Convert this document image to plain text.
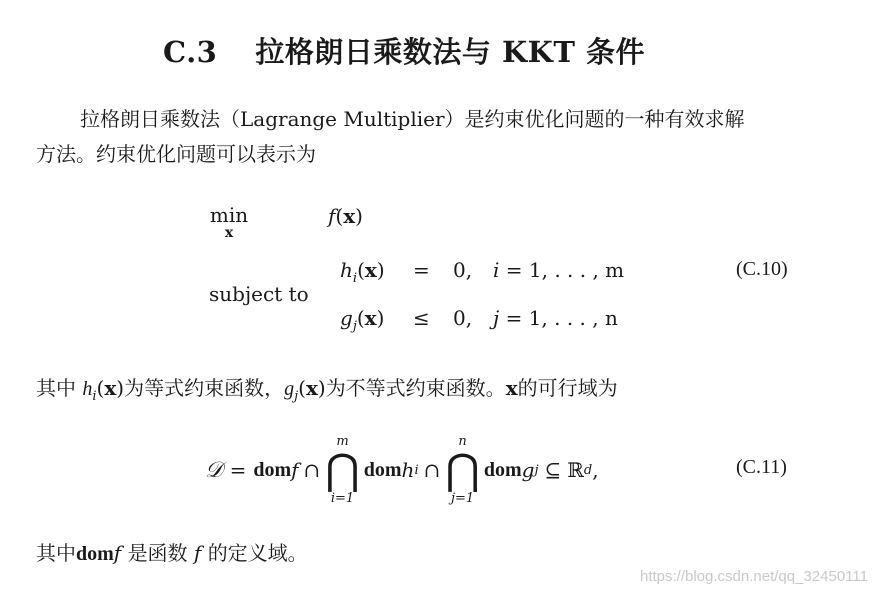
C.3 拉格朗日乘数法与 KKT 条件
拉格朗日乘数法（Lagrange Multiplier）是约束优化问题的一种有效求解
方法。约束优化问题可以表示为
min
x
f(x)
subject to
$h_i(x) = 0$, i = 1, . . . , m
$g_j(x) \le 0$, j = 1, . . . , n
(C.10)
其中 $h_i(x)$为等式约束函数，$g_j(x)$为不等式约束函数。x的可行域为
𝒟 = dom f ∩
m
⋂
i=1
dom h i ∩
n
⋂
j=1
dom g j ⊆ ℝ d ,	(C.11)
其中domf 是函数 f 的定义域。
https://blog.csdn.net/qq_32450111
